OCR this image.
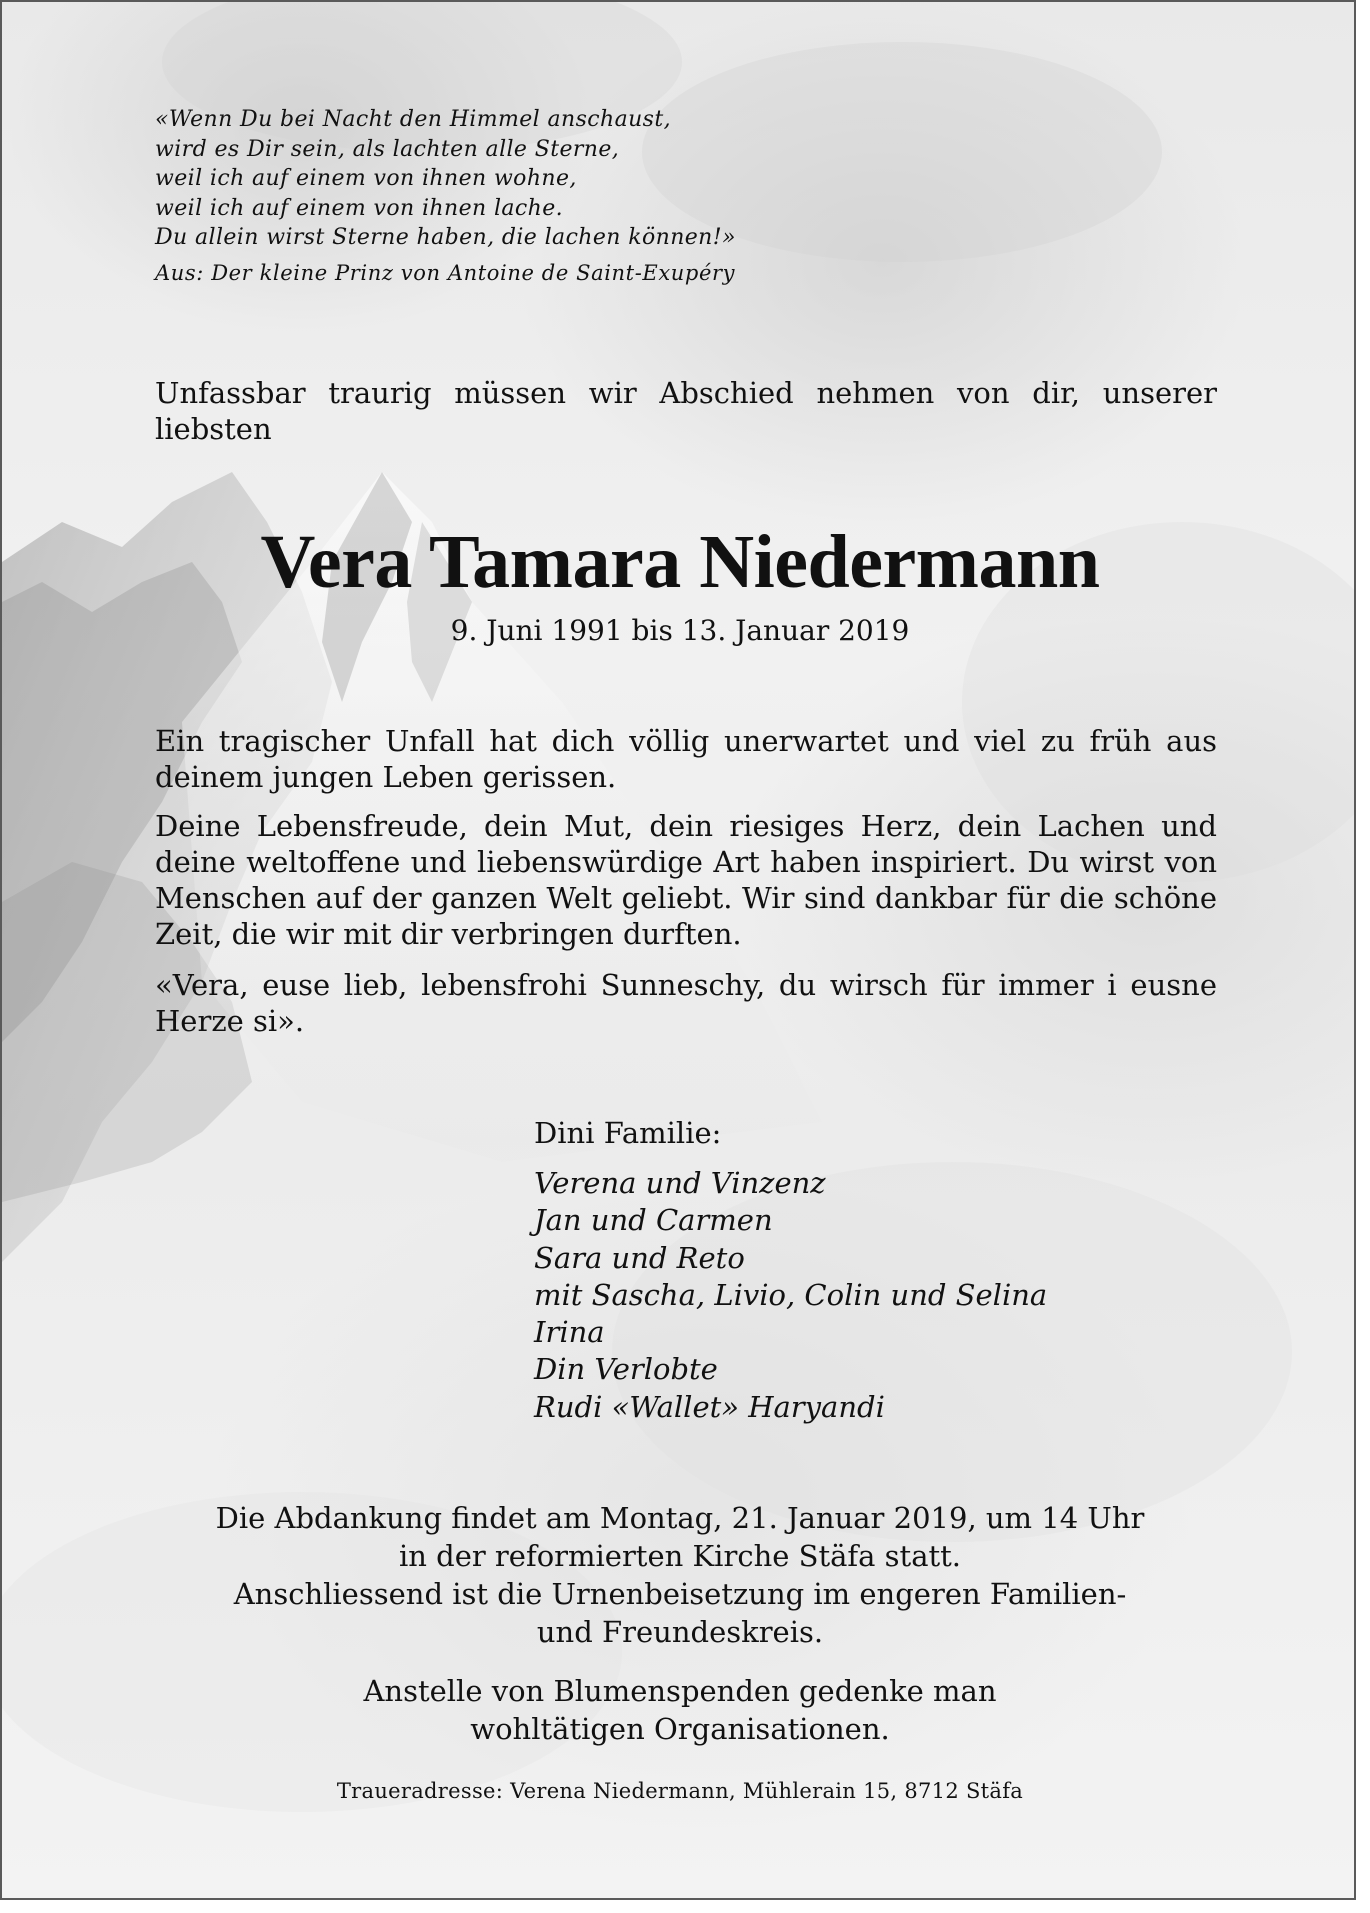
«Wenn Du bei Nacht den Himmel anschaust,
wird es Dir sein, als lachten alle Sterne,
weil ich auf einem von ihnen wohne,
weil ich auf einem von ihnen lache.
Du allein wirst Sterne haben, die lachen können!»
Aus: Der kleine Prinz von Antoine de Saint-Exupéry
Unfassbar traurig müssen wir Abschied nehmen von dir, unserer liebsten
Vera Tamara Niedermann
9. Juni 1991 bis 13. Januar 2019
Ein tragischer Unfall hat dich völlig unerwartet und viel zu früh aus deinem jungen Leben gerissen.
Deine Lebensfreude, dein Mut, dein riesiges Herz, dein Lachen und deine weltoffene und liebenswürdige Art haben inspiriert. Du wirst von Menschen auf der ganzen Welt geliebt. Wir sind dankbar für die schöne Zeit, die wir mit dir verbringen durften.
«Vera, euse lieb, lebensfrohi Sunneschy, du wirsch für immer i eusne Herze si».
Dini Familie:
Verena und Vinzenz
Jan und Carmen
Sara und Reto
mit Sascha, Livio, Colin und Selina
Irina
Din Verlobte
Rudi «Wallet» Haryandi
Die Abdankung findet am Montag, 21. Januar 2019, um 14 Uhr
in der reformierten Kirche Stäfa statt.
Anschliessend ist die Urnenbeisetzung im engeren Familien-
und Freundeskreis.
Anstelle von Blumenspenden gedenke man
wohltätigen Organisationen.
Traueradresse: Verena Niedermann, Mühlerain 15, 8712 Stäfa
